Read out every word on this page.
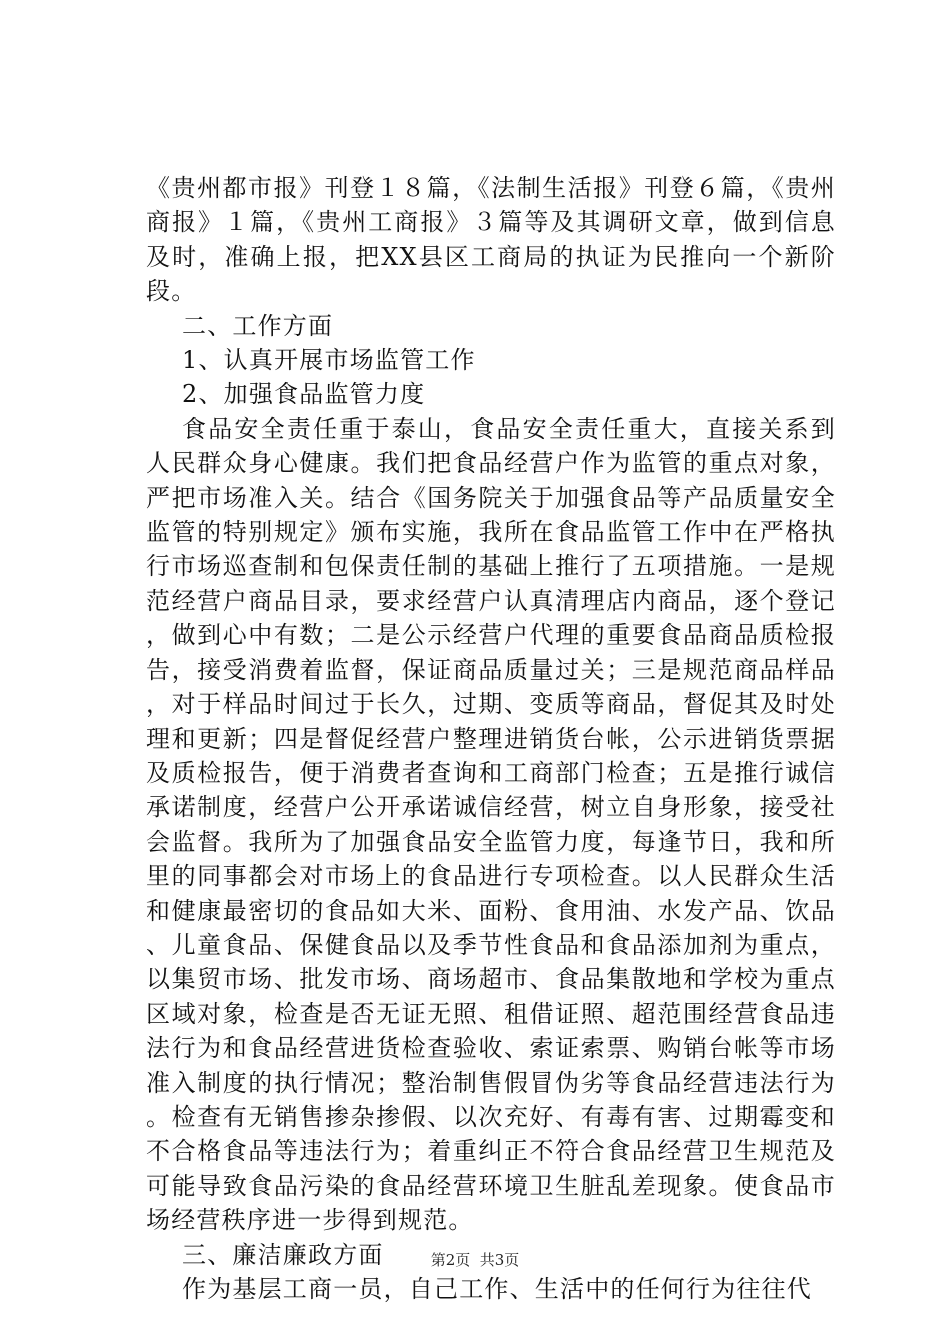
《贵州都市报》刊登１８篇，《法制生活报》刊登６篇，《贵州商报》１篇，《贵州工商报》３篇等及其调研文章，做到信息及时，准确上报，把XX县区工商局的执证为民推向一个新阶段。

二、工作方面

1、认真开展市场监管工作

2、加强食品监管力度

食品安全责任重于泰山，食品安全责任重大，直接关系到人民群众身心健康。我们把食品经营户作为监管的重点对象，严把市场准入关。结合《国务院关于加强食品等产品质量安全监管的特别规定》颁布实施，我所在食品监管工作中在严格执行市场巡查制和包保责任制的基础上推行了五项措施。一是规范经营户商品目录，要求经营户认真清理店内商品，逐个登记，做到心中有数；二是公示经营户代理的重要食品商品质检报告，接受消费着监督，保证商品质量过关；三是规范商品样品，对于样品时间过于长久，过期、变质等商品，督促其及时处理和更新；四是督促经营户整理进销货台帐，公示进销货票据及质检报告，便于消费者查询和工商部门检查；五是推行诚信承诺制度，经营户公开承诺诚信经营，树立自身形象，接受社会监督。我所为了加强食品安全监管力度，每逢节日，我和所里的同事都会对市场上的食品进行专项检查。以人民群众生活和健康最密切的食品如大米、面粉、食用油、水发产品、饮品、儿童食品、保健食品以及季节性食品和食品添加剂为重点，以集贸市场、批发市场、商场超市、食品集散地和学校为重点区域对象，检查是否无证无照、租借证照、超范围经营食品违法行为和食品经营进货检查验收、索证索票、购销台帐等市场准入制度的执行情况；整治制售假冒伪劣等食品经营违法行为。检查有无销售掺杂掺假、以次充好、有毒有害、过期霉变和不合格食品等违法行为；着重纠正不符合食品经营卫生规范及可能导致食品污染的食品经营环境卫生脏乱差现象。使食品市场经营秩序进一步得到规范。

三、廉洁廉政方面

作为基层工商一员，自己工作、生活中的任何行为往往代

第2页  共3页
